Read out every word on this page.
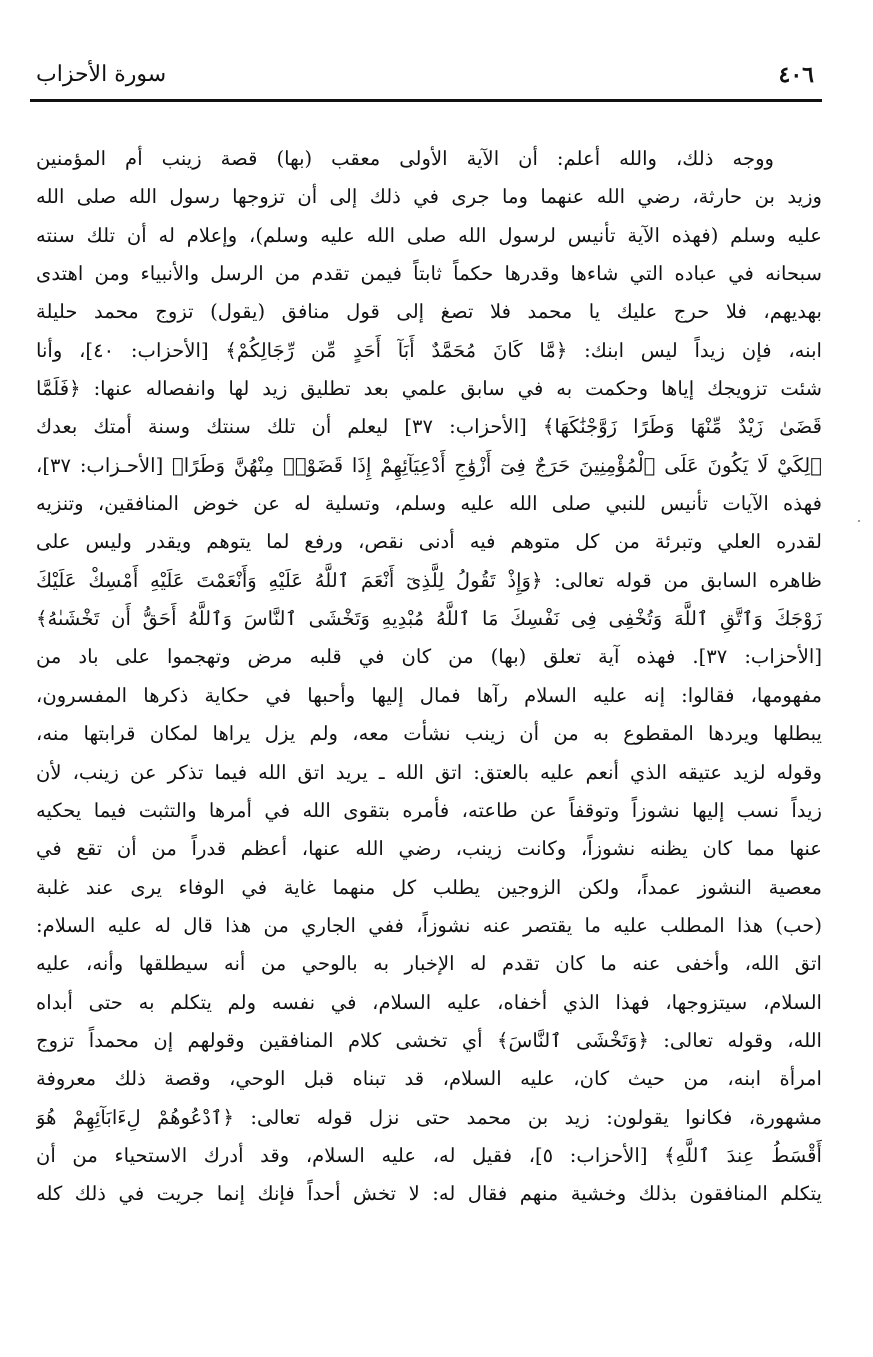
٤٠٦
سورة الأحزاب
ووجه ذلك، والله أعلم: أن الآية الأولى معقب (بها) قصة زينب أم المؤمنين
وزيد بن حارثة، رضي الله عنهما وما جرى في ذلك إلى أن تزوجها رسول الله صلى الله
عليه وسلم (فهذه الآية تأنيس لرسول الله صلى الله عليه وسلم)، وإعلام له أن تلك سنته
سبحانه في عباده التي شاءها وقدرها حكماً ثابتاً فيمن تقدم من الرسل والأنبياء ومن اهتدى
بهديهم، فلا حرج عليك يا محمد فلا تصغ إلى قول منافق (يقول) تزوج محمد حليلة
ابنه، فإن زيداً ليس ابنك: ﴿مَّا كَانَ مُحَمَّدٌ أَبَآ أَحَدٍ مِّن رِّجَالِكُمْ﴾ [الأحزاب: ٤٠]، وأنا
شئت تزويجك إياها وحكمت به في سابق علمي بعد تطليق زيد لها وانفصاله عنها: ﴿فَلَمَّا
قَضَىٰ زَيْدٌ مِّنْهَا وَطَرًا زَوَّجْنَٰكَهَا﴾ [الأحزاب: ٣٧] ليعلم أن تلك سنتك وسنة أمتك بعدك
﴿لِكَيْ لَا يَكُونَ عَلَى ٱلْمُؤْمِنِينَ حَرَجٌ فِىٓ أَزْوَٰجِ أَدْعِيَآئِهِمْ إِذَا قَضَوْا۟ مِنْهُنَّ وَطَرًا﴾ [الأحـزاب: ٣٧]،
فهذه الآيات تأنيس للنبي صلى الله عليه وسلم، وتسلية له عن خوض المنافقين، وتنزيه
لقدره العلي وتبرئة من كل متوهم فيه أدنى نقص، ورفع لما يتوهم ويقدر وليس على
ظاهره السابق من قوله تعالى: ﴿وَإِذْ تَقُولُ لِلَّذِىٓ أَنْعَمَ ٱللَّهُ عَلَيْهِ وَأَنْعَمْتَ عَلَيْهِ أَمْسِكْ عَلَيْكَ
زَوْجَكَ وَٱتَّقِ ٱللَّهَ وَتُخْفِى فِى نَفْسِكَ مَا ٱللَّهُ مُبْدِيهِ وَتَخْشَى ٱلنَّاسَ وَٱللَّهُ أَحَقُّ أَن تَخْشَىٰهُ﴾
[الأحزاب: ٣٧]. فهذه آية تعلق (بها) من كان في قلبه مرض وتهجموا على باد من
مفهومها، فقالوا: إنه عليه السلام رآها فمال إليها وأحبها في حكاية ذكرها المفسرون،
يبطلها ويردها المقطوع به من أن زينب نشأت معه، ولم يزل يراها لمكان قرابتها منه،
وقوله لزيد عتيقه الذي أنعم عليه بالعتق: اتق الله ـ يريد اتق الله فيما تذكر عن زينب، لأن
زيداً نسب إليها نشوزاً وتوقفاً عن طاعته، فأمره بتقوى الله في أمرها والتثبت فيما يحكيه
عنها مما كان يظنه نشوزاً، وكانت زينب، رضي الله عنها، أعظم قدراً من أن تقع في
معصية النشوز عمداً، ولكن الزوجين يطلب كل منهما غاية في الوفاء يرى عند غلبة
(حب) هذا المطلب عليه ما يقتصر عنه نشوزاً، ففي الجاري من هذا قال له عليه السلام:
اتق الله، وأخفى عنه ما كان تقدم له الإخبار به بالوحي من أنه سيطلقها وأنه، عليه
السلام، سيتزوجها، فهذا الذي أخفاه، عليه السلام، في نفسه ولم يتكلم به حتى أبداه
الله، وقوله تعالى: ﴿وَتَخْشَى ٱلنَّاسَ﴾ أي تخشى كلام المنافقين وقولهم إن محمداً تزوج
امرأة ابنه، من حيث كان، عليه السلام، قد تبناه قبل الوحي، وقصة ذلك معروفة
مشهورة، فكانوا يقولون: زيد بن محمد حتى نزل قوله تعالى: ﴿ٱدْعُوهُمْ لِءَابَآئِهِمْ هُوَ
أَقْسَطُ عِندَ ٱللَّهِ﴾ [الأحزاب: ٥]، فقيل له، عليه السلام، وقد أدرك الاستحياء من أن
يتكلم المنافقون بذلك وخشية منهم فقال له: لا تخش أحداً فإنك إنما جريت في ذلك كله
